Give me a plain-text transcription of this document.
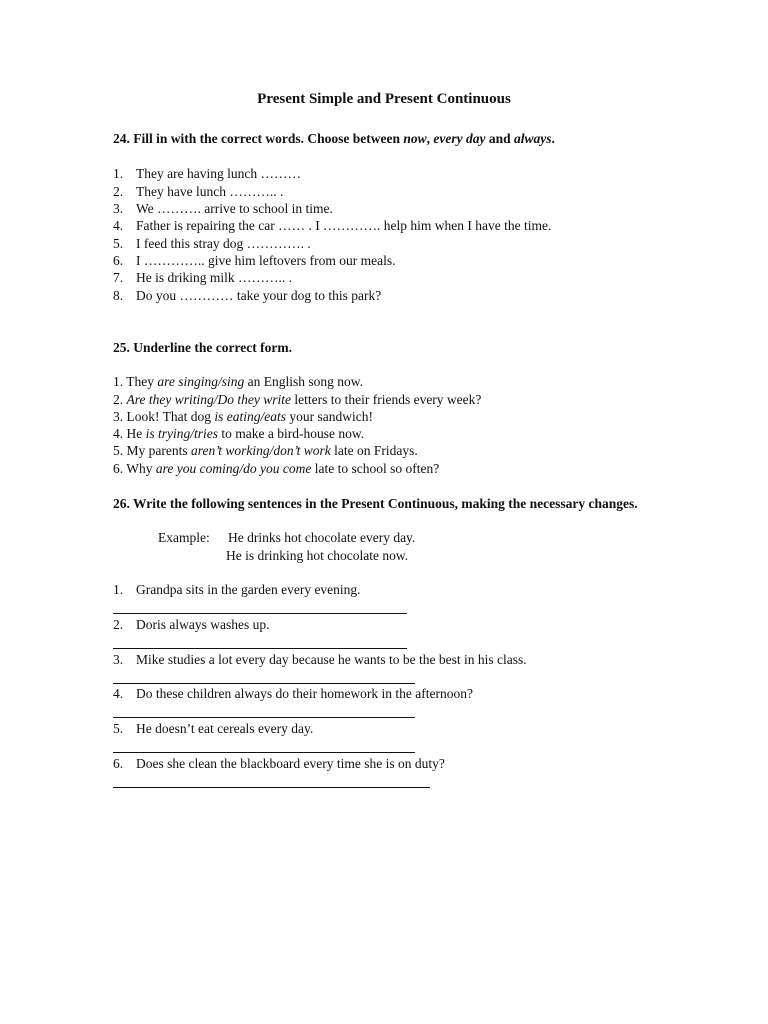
Present Simple and Present Continuous
24. Fill in with the correct words. Choose between now, every day and always.
1. They are having lunch ………
2. They have lunch ……….. .
3. We ………. arrive to school in time.
4. Father is repairing the car …… . I …………. help him when I have the time.
5. I feed this stray dog …………. .
6. I ………….. give him leftovers from our meals.
7. He is driking milk ……….. .
8. Do you ………… take your dog to this park?
25. Underline the correct form.
1. They are singing/sing an English song now.
2. Are they writing/Do they write letters to their friends every week?
3. Look! That dog is eating/eats your sandwich!
4. He is trying/tries to make a bird-house now.
5. My parents aren’t working/don’t work late on Fridays.
6. Why are you coming/do you come late to school so often?
26. Write the following sentences in the Present Continuous, making the necessary changes.
Example: He drinks hot chocolate every day.
He is drinking hot chocolate now.
1. Grandpa sits in the garden every evening.
2. Doris always washes up.
3. Mike studies a lot every day because he wants to be the best in his class.
4. Do these children always do their homework in the afternoon?
5. He doesn’t eat cereals every day.
6. Does she clean the blackboard every time she is on duty?
